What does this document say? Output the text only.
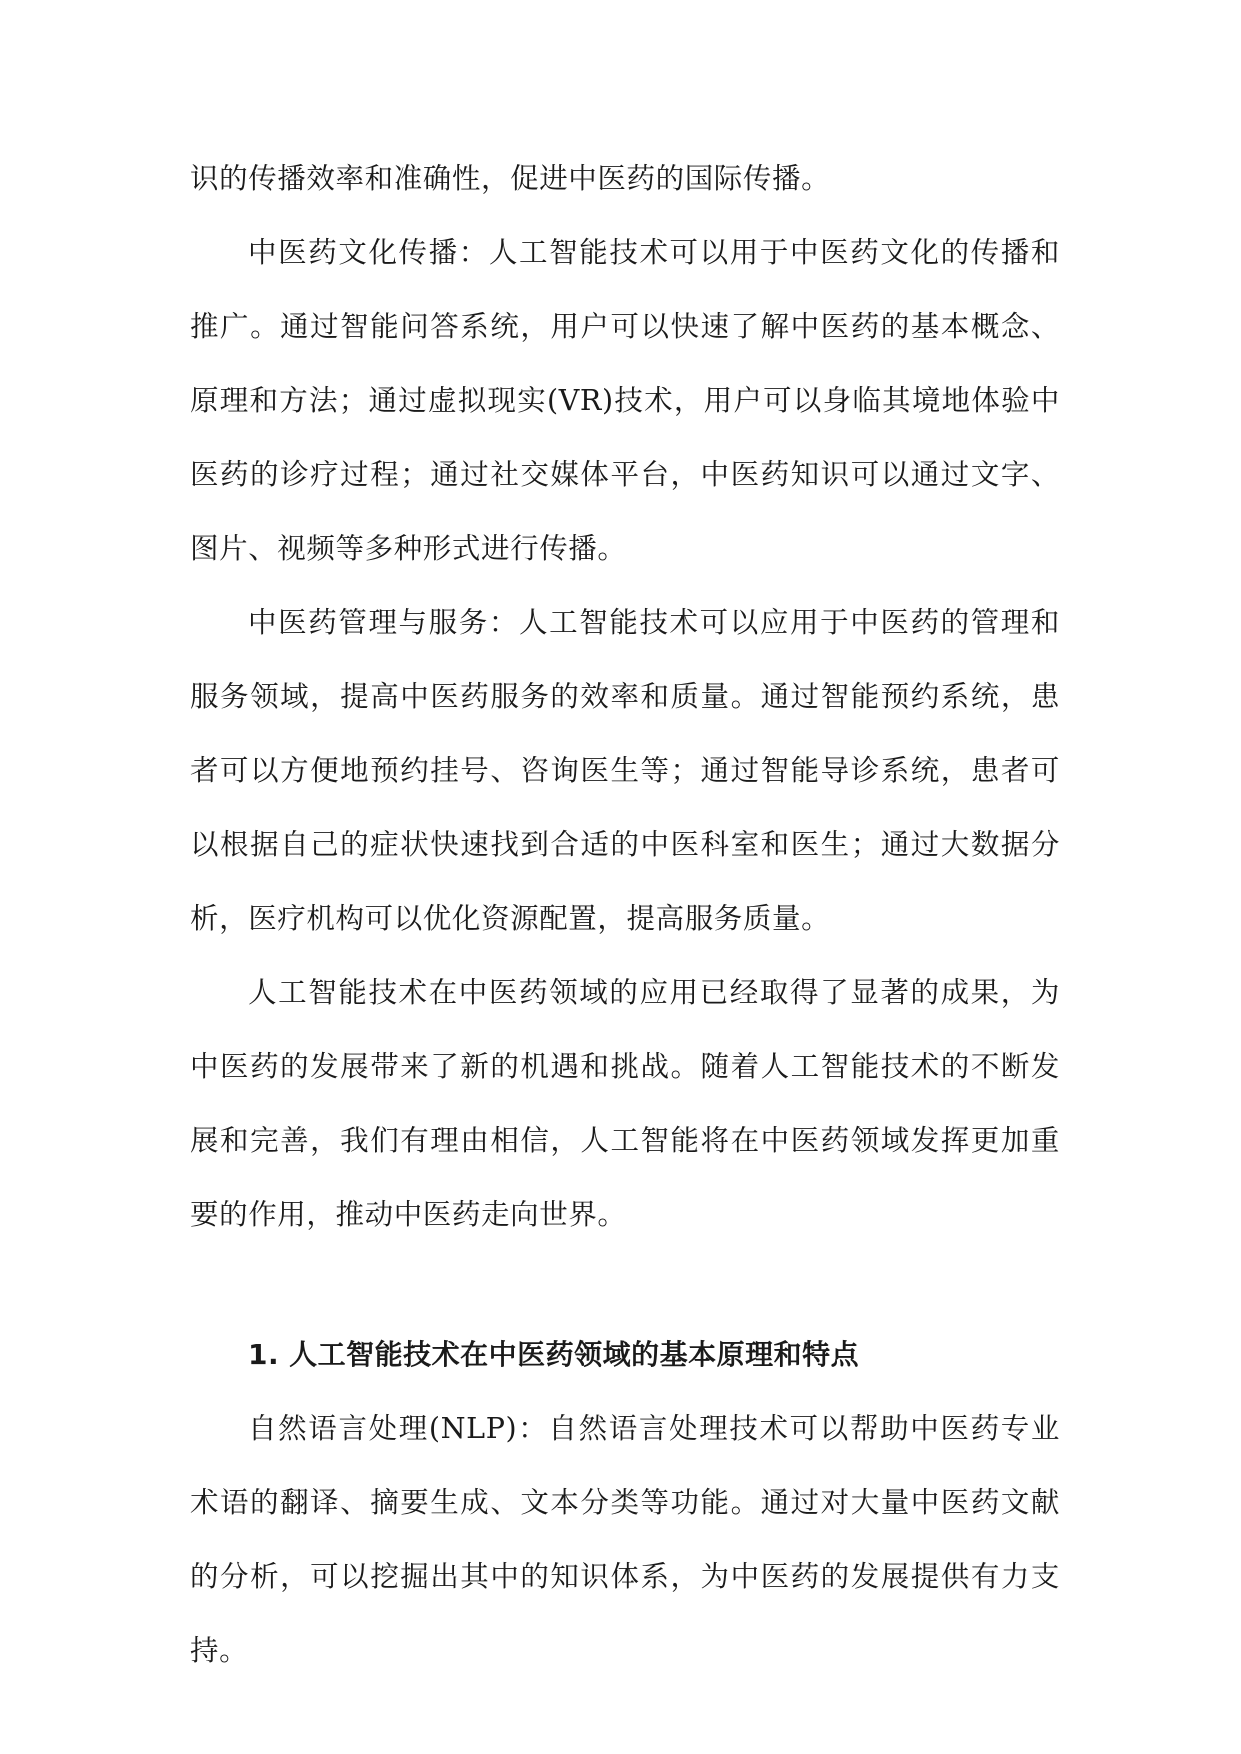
识的传播效率和准确性，促进中医药的国际传播。

中医药文化传播：人工智能技术可以用于中医药文化的传播和推广。通过智能问答系统，用户可以快速了解中医药的基本概念、原理和方法；通过虚拟现实(VR)技术，用户可以身临其境地体验中医药的诊疗过程；通过社交媒体平台，中医药知识可以通过文字、图片、视频等多种形式进行传播。

中医药管理与服务：人工智能技术可以应用于中医药的管理和服务领域，提高中医药服务的效率和质量。通过智能预约系统，患者可以方便地预约挂号、咨询医生等；通过智能导诊系统，患者可以根据自己的症状快速找到合适的中医科室和医生；通过大数据分析，医疗机构可以优化资源配置，提高服务质量。

人工智能技术在中医药领域的应用已经取得了显著的成果，为中医药的发展带来了新的机遇和挑战。随着人工智能技术的不断发展和完善，我们有理由相信，人工智能将在中医药领域发挥更加重要的作用，推动中医药走向世界。

1. 人工智能技术在中医药领域的基本原理和特点

自然语言处理(NLP)：自然语言处理技术可以帮助中医药专业术语的翻译、摘要生成、文本分类等功能。通过对大量中医药文献的分析，可以挖掘出其中的知识体系，为中医药的发展提供有力支持。
